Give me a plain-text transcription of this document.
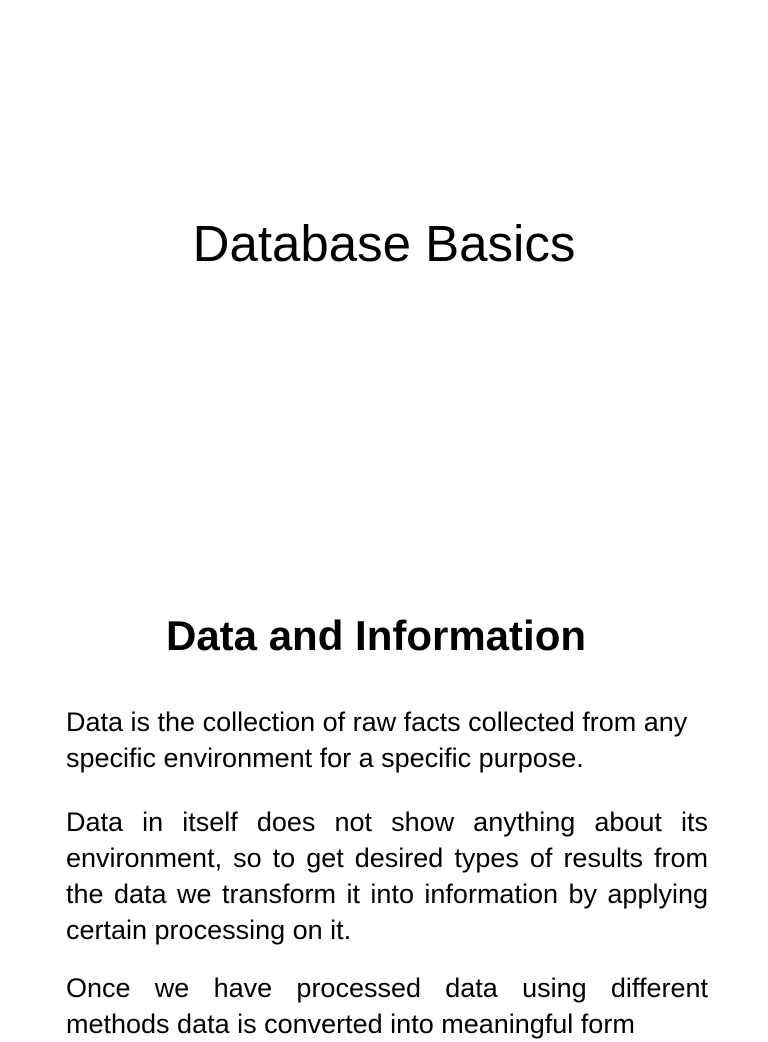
Database Basics
Data and Information

Data is the collection of raw facts collected from any specific environment for a specific purpose.

Data in itself does not show anything about its environment, so to get desired types of results from the data we transform it into information by applying certain processing on it.

Once we have processed data using different methods data is converted into meaningful form
